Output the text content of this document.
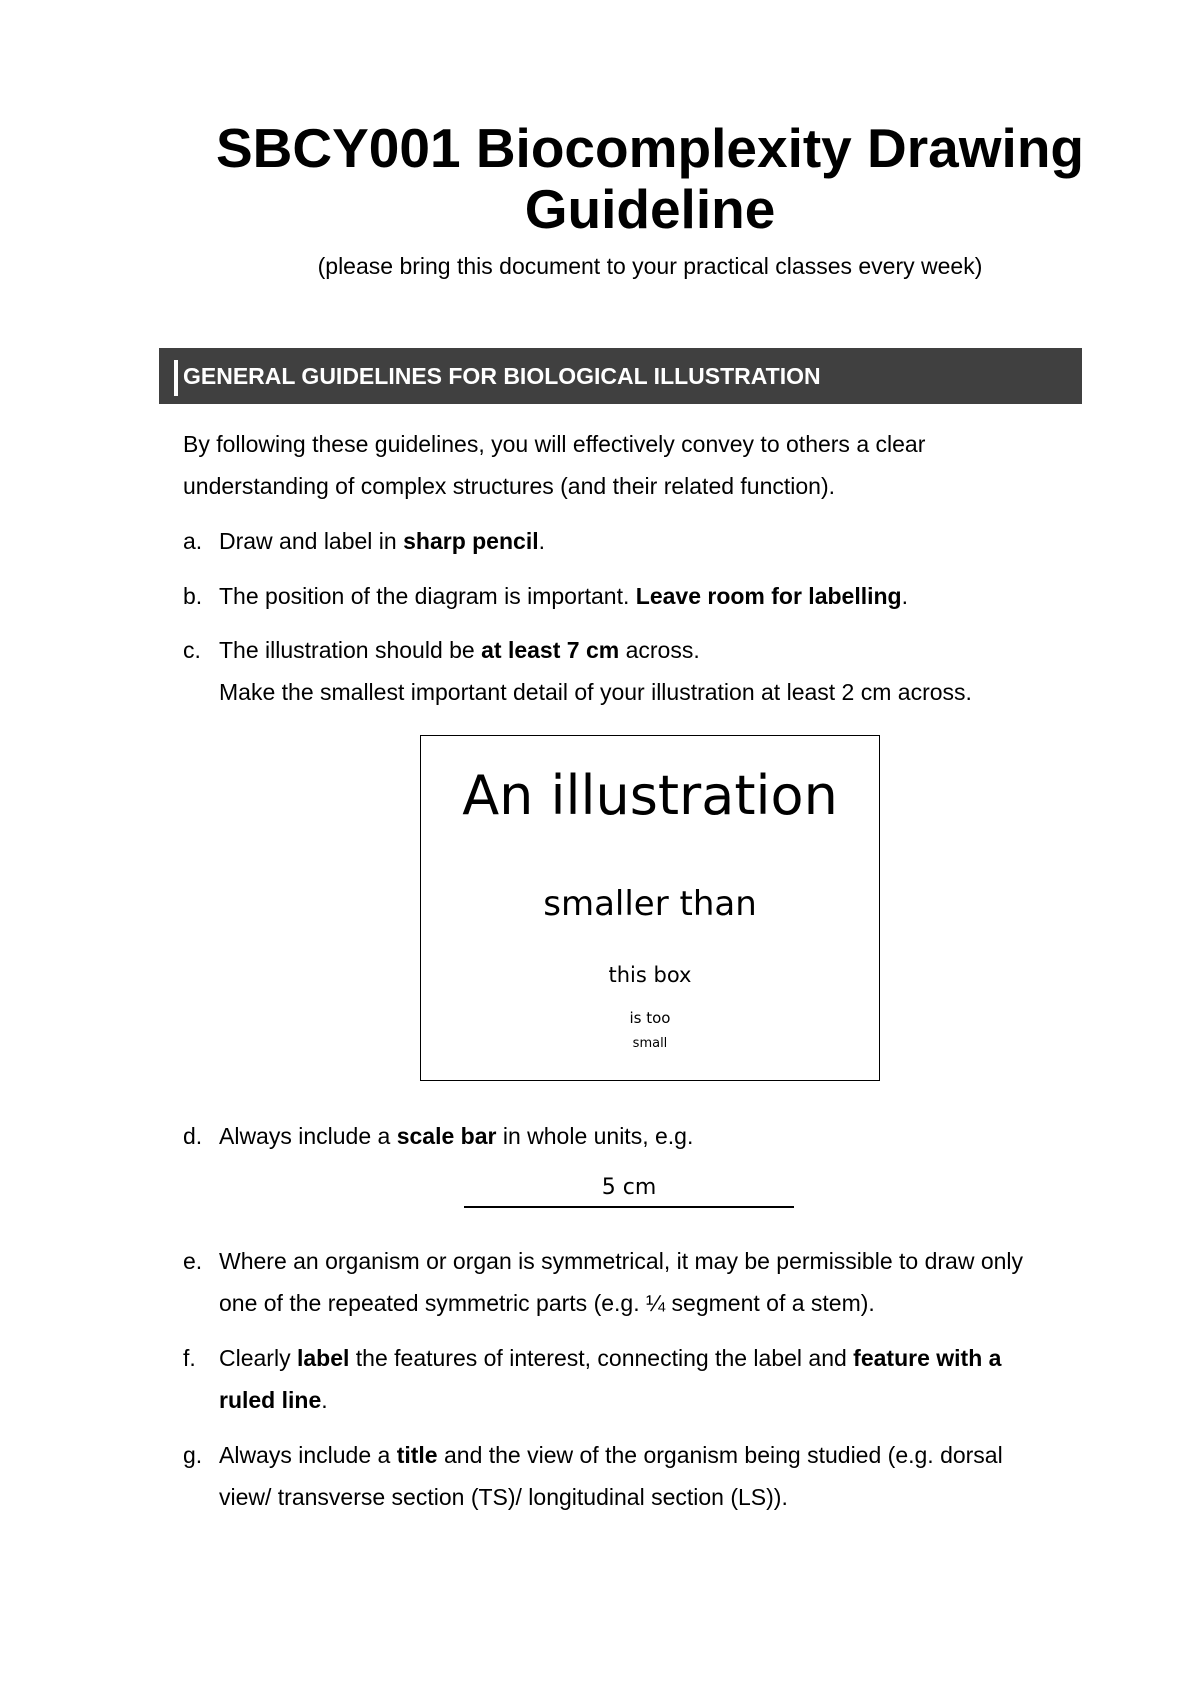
SBCY001 Biocomplexity Drawing Guideline
(please bring this document to your practical classes every week)
GENERAL GUIDELINES FOR BIOLOGICAL ILLUSTRATION
By following these guidelines, you will effectively convey to others a clear
understanding of complex structures (and their related function).
a. Draw and label in sharp pencil.
b. The position of the diagram is important. Leave room for labelling.
c. The illustration should be at least 7 cm across.
Make the smallest important detail of your illustration at least 2 cm across.
An illustration
smaller than
this box
is too
small
d. Always include a scale bar in whole units, e.g.
5 cm
e. Where an organism or organ is symmetrical, it may be permissible to draw only
one of the repeated symmetric parts (e.g. ¼ segment of a stem).
f.	Clearly label the features of interest, connecting the label and feature with a
ruled line.
g. Always include a title and the view of the organism being studied (e.g. dorsal
view/ transverse section (TS)/ longitudinal section (LS)).
